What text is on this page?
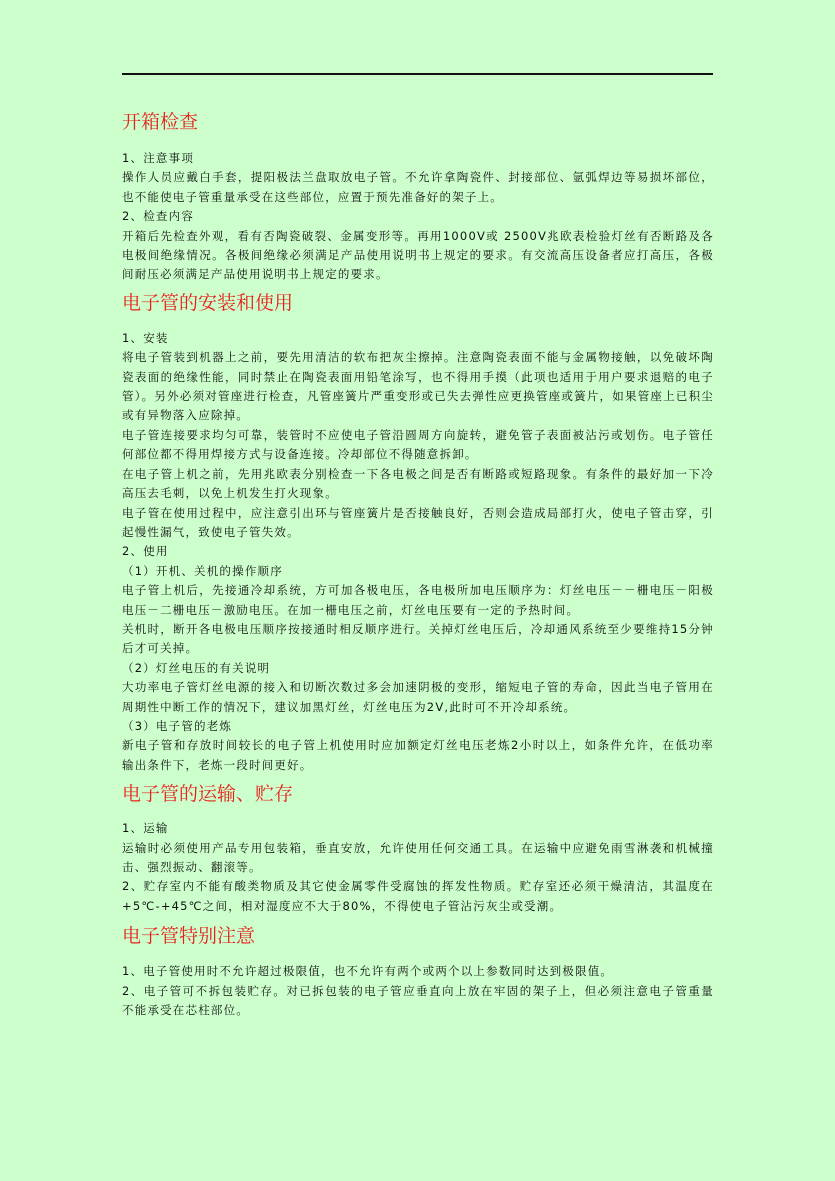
开箱检查

1、注意事项

操作人员应戴白手套，提阳极法兰盘取放电子管。不允许拿陶瓷件、封接部位、氩弧焊边等易损坏部位，也不能使电子管重量承受在这些部位，应置于预先准备好的架子上。

2、检查内容

开箱后先检查外观，看有否陶瓷破裂、金属变形等。再用1000V或 2500V兆欧表检验灯丝有否断路及各电极间绝缘情况。各极间绝缘必须满足产品使用说明书上规定的要求。有交流高压设备者应打高压，各极间耐压必须满足产品使用说明书上规定的要求。

电子管的安装和使用

1、安装

将电子管装到机器上之前，要先用清洁的软布把灰尘擦掉。注意陶瓷表面不能与金属物接触，以免破坏陶瓷表面的绝缘性能，同时禁止在陶瓷表面用铅笔涂写，也不得用手摸（此项也适用于用户要求退赔的电子管）。另外必须对管座进行检查，凡管座簧片严重变形或已失去弹性应更换管座或簧片，如果管座上已积尘或有异物落入应除掉。

电子管连接要求均匀可靠，装管时不应使电子管沿圆周方向旋转，避免管子表面被沾污或划伤。电子管任何部位都不得用焊接方式与设备连接。冷却部位不得随意拆卸。

在电子管上机之前，先用兆欧表分别检查一下各电极之间是否有断路或短路现象。有条件的最好加一下冷高压去毛刺，以免上机发生打火现象。

电子管在使用过程中，应注意引出环与管座簧片是否接触良好，否则会造成局部打火，使电子管击穿，引起慢性漏气，致使电子管失效。

2、使用

（1）开机、关机的操作顺序

电子管上机后，先接通冷却系统，方可加各极电压，各电极所加电压顺序为：灯丝电压－－栅电压－阳极电压－二栅电压－激励电压。在加一栅电压之前，灯丝电压要有一定的予热时间。

关机时，断开各电极电压顺序按接通时相反顺序进行。关掉灯丝电压后，冷却通风系统至少要维持15分钟后才可关掉。

（2）灯丝电压的有关说明

大功率电子管灯丝电源的接入和切断次数过多会加速阴极的变形，缩短电子管的寿命，因此当电子管用在周期性中断工作的情况下，建议加黑灯丝，灯丝电压为2V,此时可不开冷却系统。

（3）电子管的老炼

新电子管和存放时间较长的电子管上机使用时应加额定灯丝电压老炼2小时以上，如条件允许，在低功率输出条件下，老炼一段时间更好。

电子管的运输、贮存

1、运输

运输时必须使用产品专用包装箱，垂直安放，允许使用任何交通工具。在运输中应避免雨雪淋袭和机械撞击、强烈振动、翻滚等。

2、贮存室内不能有酸类物质及其它使金属零件受腐蚀的挥发性物质。贮存室还必须干燥清洁，其温度在+5℃-+45℃之间，相对湿度应不大于80%，不得使电子管沾污灰尘或受潮。

电子管特别注意

1、电子管使用时不允许超过极限值，也不允许有两个或两个以上参数同时达到极限值。

2、电子管可不拆包装贮存。对已拆包装的电子管应垂直向上放在牢固的架子上，但必须注意电子管重量不能承受在芯柱部位。
